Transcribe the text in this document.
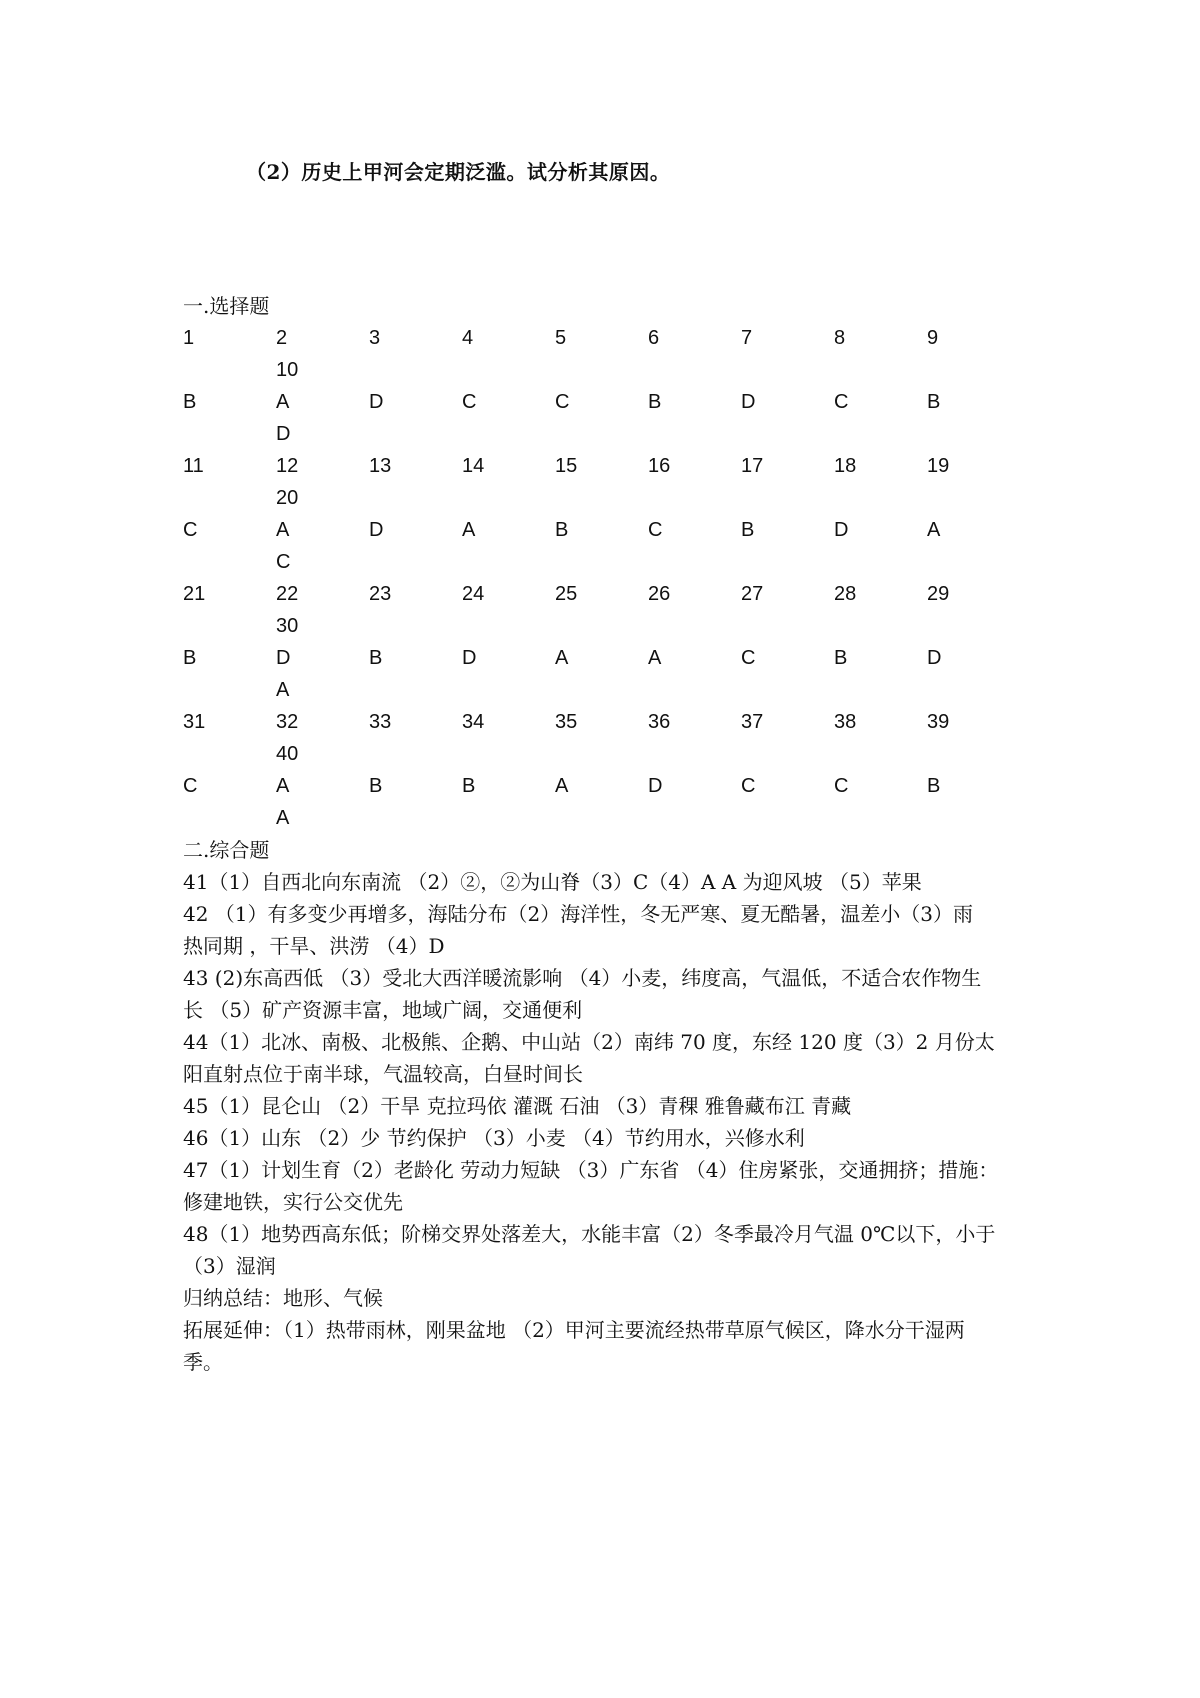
（2）历史上甲河会定期泛滥。试分析其原因。
一.选择题
1	2	3	4	5	6	7	8	9
10
B	A	D	C	C	B	D	C	B
D
11	12	13	14	15	16	17	18	19
20
C	A	D	A	B	C	B	D	A
C
21	22	23	24	25	26	27	28	29
30
B	D	B	D	A	A	C	B	D
A
31	32	33	34	35	36	37	38	39
40
C	A	B	B	A	D	C	C	B
A
二.综合题

41（1）自西北向东南流 （2）②，②为山脊（3）C（4）A A 为迎风坡 （5）苹果

42 （1）有多变少再增多，海陆分布（2）海洋性，冬无严寒、夏无酷暑，温差小（3）雨

热同期 ，干旱、洪涝 （4）D

43 (2)东高西低 （3）受北大西洋暖流影响 （4）小麦，纬度高，气温低，不适合农作物生

长 （5）矿产资源丰富，地域广阔，交通便利

44（1）北冰、南极、北极熊、企鹅、中山站（2）南纬 70 度，东经 120 度（3）2 月份太

阳直射点位于南半球，气温较高，白昼时间长

45（1）昆仑山 （2）干旱 克拉玛依 灌溉 石油 （3）青稞 雅鲁藏布江 青藏

46（1）山东 （2）少 节约保护 （3）小麦 （4）节约用水，兴修水利

47（1）计划生育（2）老龄化 劳动力短缺 （3）广东省 （4）住房紧张，交通拥挤；措施：

修建地铁，实行公交优先

48（1）地势西高东低；阶梯交界处落差大，水能丰富（2）冬季最冷月气温 0℃以下，小于

（3）湿润

归纳总结：地形、气候

拓展延伸：（1）热带雨林，刚果盆地 （2）甲河主要流经热带草原气候区，降水分干湿两

季。
